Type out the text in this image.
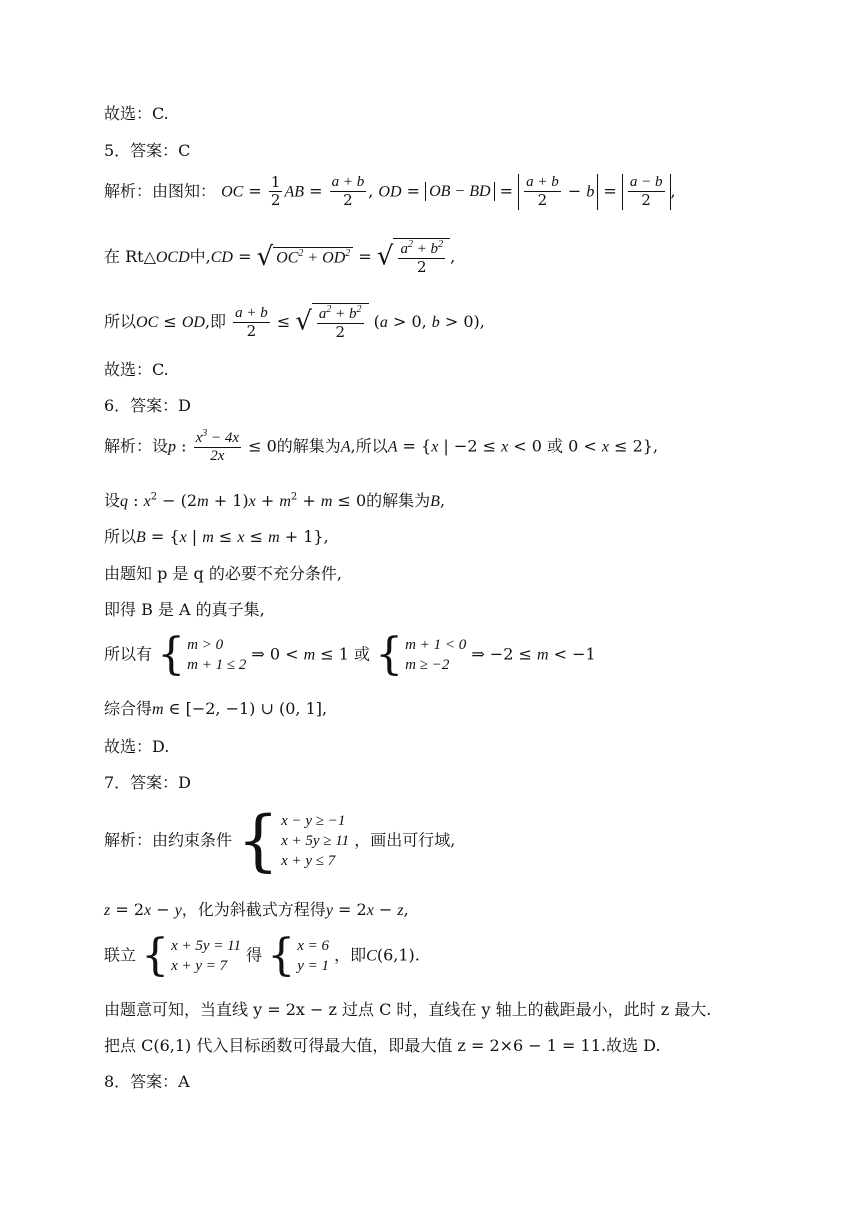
故选：C.
5．答案：C
解析：由图知： OC = $\frac{1}{2}$ AB = $\frac{a + b}{2}$ , OD = OB − BD = $\frac{a + b}{2} - b = \frac{a - b}{2}$ ,
在 Rt△OCD中,CD = √ $OC^2 + OD^2$ = √ $\frac{a^2 + b^2}{2}$ ,
所以OC ≤ OD,即 $\frac{a + b}{2}$ ≤ √ $\frac{a^2 + b^2}{2} (a > 0$, b > 0),
故选：C.
6．答案：D
解析：设p : $\frac{x^3 - 4x}{2x} \le 0$的解集为A,所以A = {x | −2 ≤ x < 0 或 0 < x ≤ 2},
设q : $x^2 - (2m + 1)x + m^2 + m \le 0$的解集为B,
所以B = {x | m ≤ x ≤ m + 1},
由题知 p 是 q 的必要不充分条件,
即得 B 是 A 的真子集,
所以有 { m > 0
m + 1 ≤ 2
⇒ 0 < m ≤ 1 或 { m + 1 < 0
m ≥ −2
⇒ −2 ≤ m < −1
综合得m ∈ [−2, −1) ∪ (0, 1],
故选：D.
7．答案：D
解析：由约束条件 { x − y ≥ −1
x + 5y ≥ 11
x + y ≤ 7
，画出可行域,
z = 2x − y，化为斜截式方程得y = 2x − z,
联立 { x + 5y = 11
x + y = 7
得 { x = 6
y = 1
，即C(6,1).
由题意可知，当直线 y = 2x − z 过点 C 时，直线在 y 轴上的截距最小，此时 z 最大.
把点 C(6,1) 代入目标函数可得最大值，即最大值 z = 2×6 − 1 = 11.故选 D.
8．答案：A
